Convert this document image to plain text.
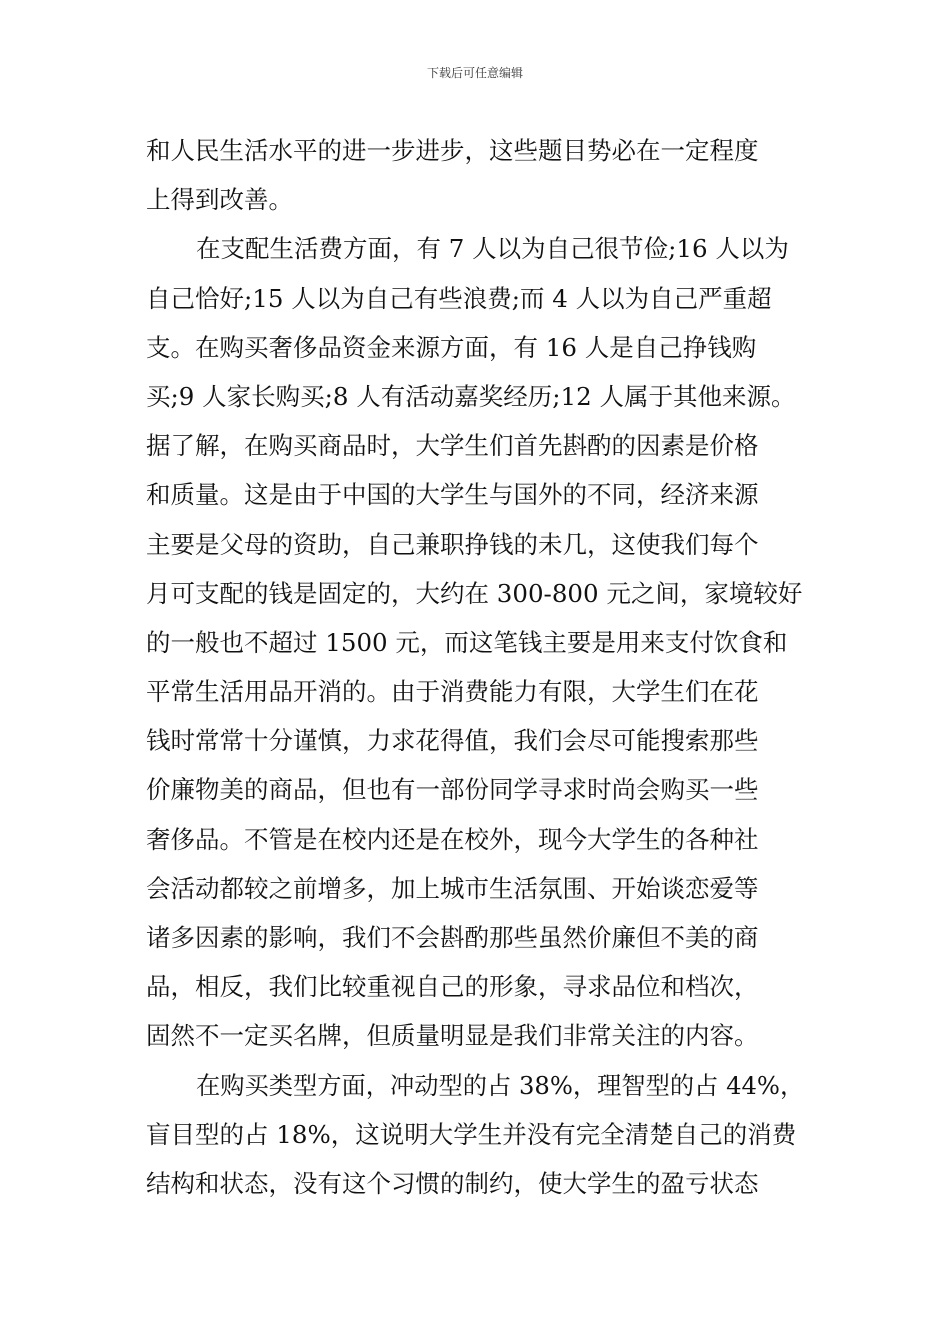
下载后可任意编辑
和人民生活水平的进一步进步，这些题目势必在一定程度
上得到改善。
在支配生活费方面，有 7 人以为自己很节俭;16 人以为
自己恰好;15 人以为自己有些浪费;而 4 人以为自己严重超
支。在购买奢侈品资金来源方面，有 16 人是自己挣钱购
买;9 人家长购买;8 人有活动嘉奖经历;12 人属于其他来源。
据了解，在购买商品时，大学生们首先斟酌的因素是价格
和质量。这是由于中国的大学生与国外的不同，经济来源
主要是父母的资助，自己兼职挣钱的未几，这使我们每个
月可支配的钱是固定的，大约在 300-800 元之间，家境较好
的一般也不超过 1500 元，而这笔钱主要是用来支付饮食和
平常生活用品开消的。由于消费能力有限，大学生们在花
钱时常常十分谨慎，力求花得值，我们会尽可能搜索那些
价廉物美的商品，但也有一部份同学寻求时尚会购买一些
奢侈品。不管是在校内还是在校外，现今大学生的各种社
会活动都较之前增多，加上城市生活氛围、开始谈恋爱等
诸多因素的影响，我们不会斟酌那些虽然价廉但不美的商
品，相反，我们比较重视自己的形象，寻求品位和档次，
固然不一定买名牌，但质量明显是我们非常关注的内容。
在购买类型方面，冲动型的占 38%，理智型的占 44%，
盲目型的占 18%，这说明大学生并没有完全清楚自己的消费
结构和状态，没有这个习惯的制约，使大学生的盈亏状态
